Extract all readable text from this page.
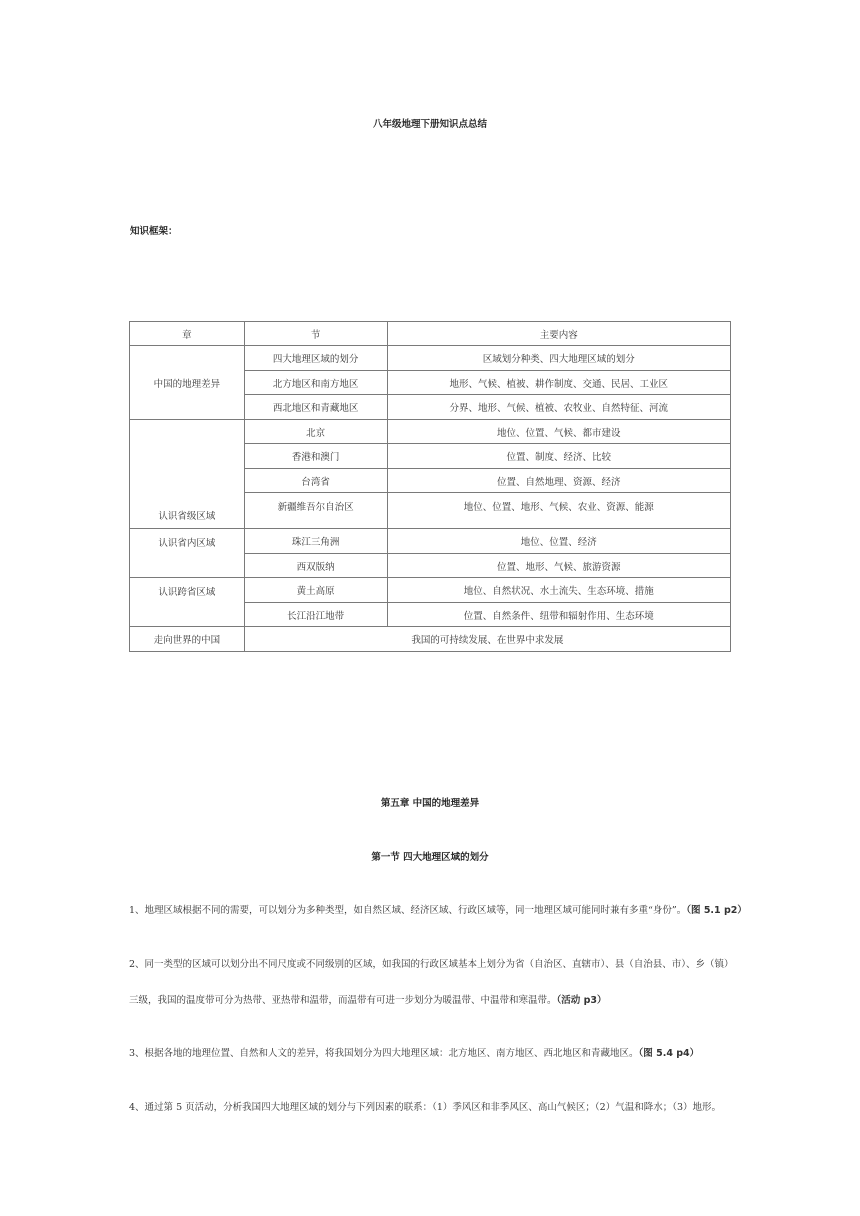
八年级地理下册知识点总结
知识框架：
章	节	主要内容
中国的地理差异	四大地理区域的划分	区域划分种类、四大地理区域的划分
	北方地区和南方地区	地形、气候、植被、耕作制度、交通、民居、工业区
	西北地区和青藏地区	分界、地形、气候、植被、农牧业、自然特征、河流
认识省级区域	北京	地位、位置、气候、都市建设
	香港和澳门	位置、制度、经济、比较
	台湾省	位置、自然地理、资源、经济
	新疆维吾尔自治区	地位、位置、地形、气候、农业、资源、能源
认识省内区域	珠江三角洲	地位、位置、经济
	西双版纳	位置、地形、气候、旅游资源
认识跨省区域	黄土高原	地位、自然状况、水土流失、生态环境、措施
	长江沿江地带	位置、自然条件、纽带和辐射作用、生态环境
走向世界的中国	我国的可持续发展、在世界中求发展	
第五章 中国的地理差异
第一节 四大地理区域的划分
1、地理区域根据不同的需要，可以划分为多种类型，如自然区域、经济区域、行政区域等，同一地理区域可能同时兼有多重“身份”。（图 5.1 p2）
2、同一类型的区域可以划分出不同尺度或不同级别的区域，如我国的行政区域基本上划分为省（自治区、直辖市）、县（自治县、市）、乡（镇）
三级，我国的温度带可分为热带、亚热带和温带，而温带有可进一步划分为暖温带、中温带和寒温带。（活动 p3）
3、根据各地的地理位置、自然和人文的差异，将我国划分为四大地理区域：北方地区、南方地区、西北地区和青藏地区。（图 5.4 p4）
4、通过第 5 页活动，分析我国四大地理区域的划分与下列因素的联系：（1）季风区和非季风区、高山气候区；（2）气温和降水；（3）地形。
